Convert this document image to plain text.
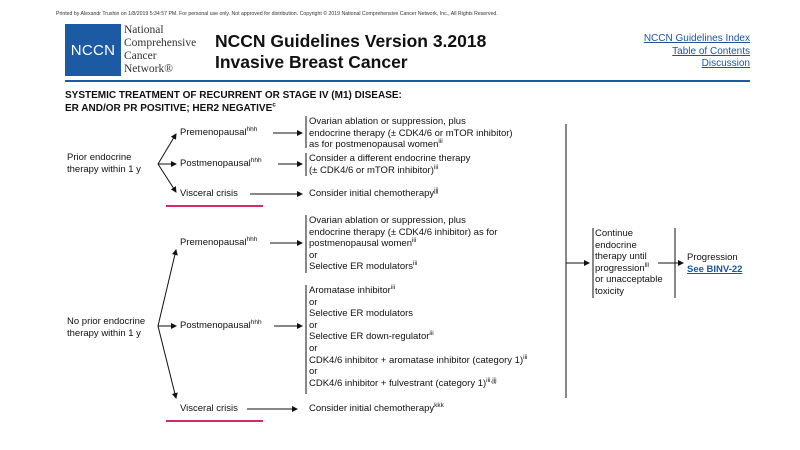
Printed by Alexandr Trushin on 1/8/2019 5:34:57 PM. For personal use only. Not approved for distribution. Copyright © 2019 National Comprehensive Cancer Network, Inc., All Rights Reserved.
NCCN
National
Comprehensive
Cancer
Network®
NCCN Guidelines Version 3.2018
Invasive Breast Cancer
NCCN Guidelines Index
Table of Contents
Discussion
SYSTEMIC TREATMENT OF RECURRENT OR STAGE IV (M1) DISEASE:
ER AND/OR PR POSITIVE; HER2 NEGATIVE$^c$
Prior endocrine
therapy within 1 y
Premenopausal$^{hhh}$
Ovarian ablation or suppression, plus
endocrine therapy (± CDK4/6 or mTOR inhibitor)
as for postmenopausal women$^{iii}$
Postmenopausal$^{hhh}$	Consider a different endocrine therapy
(± CDK4/6 or mTOR inhibitor)$^{iii}$
Visceral crisis	Consider initial chemotherapy$^{jjj}$
No prior endocrine
therapy within 1 y
Premenopausal$^{hhh}$
Ovarian ablation or suppression, plus
endocrine therapy (± CDK4/6 inhibitor) as for
postmenopausal women$^{iii}$
or
Selective ER modulators$^{iii}$
Postmenopausal$^{hhh}$
Aromatase inhibitor$^{iii}$
or
Selective ER modulators
or
Selective ER down-regulator$^{iii}$
or
CDK4/6 inhibitor + aromatase inhibitor (category 1)$^{iii}$
or
CDK4/6 inhibitor + fulvestrant (category 1)$^{iii,jjj}$
Visceral crisis	Consider initial chemotherapy$^{kkk}$
Continue
endocrine
therapy until
progression$^{lll}$
or unacceptable
toxicity
Progression
See BINV-22
